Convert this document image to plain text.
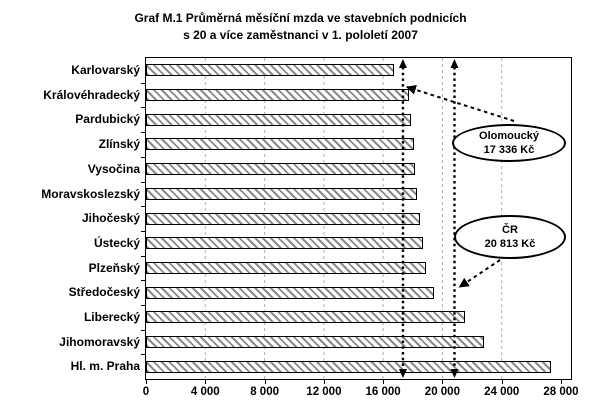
Graf M.1 Průměrná měsíční mzda ve stavebních podnicích
s 20 a více zaměstnanci v 1. pololetí 2007
Olomoucký
17 336 Kč
ČR
20 813 Kč
Karlovarský
Královéhradecký
Pardubický
Zlínský
Vysočina
Moravskoslezský
Jihočeský
Ústecký
Plzeňský
Středočeský
Liberecký
Jihomoravský
Hl. m. Praha
0	4 000	8 000	12 000	16 000	20 000	24 000	28 000
